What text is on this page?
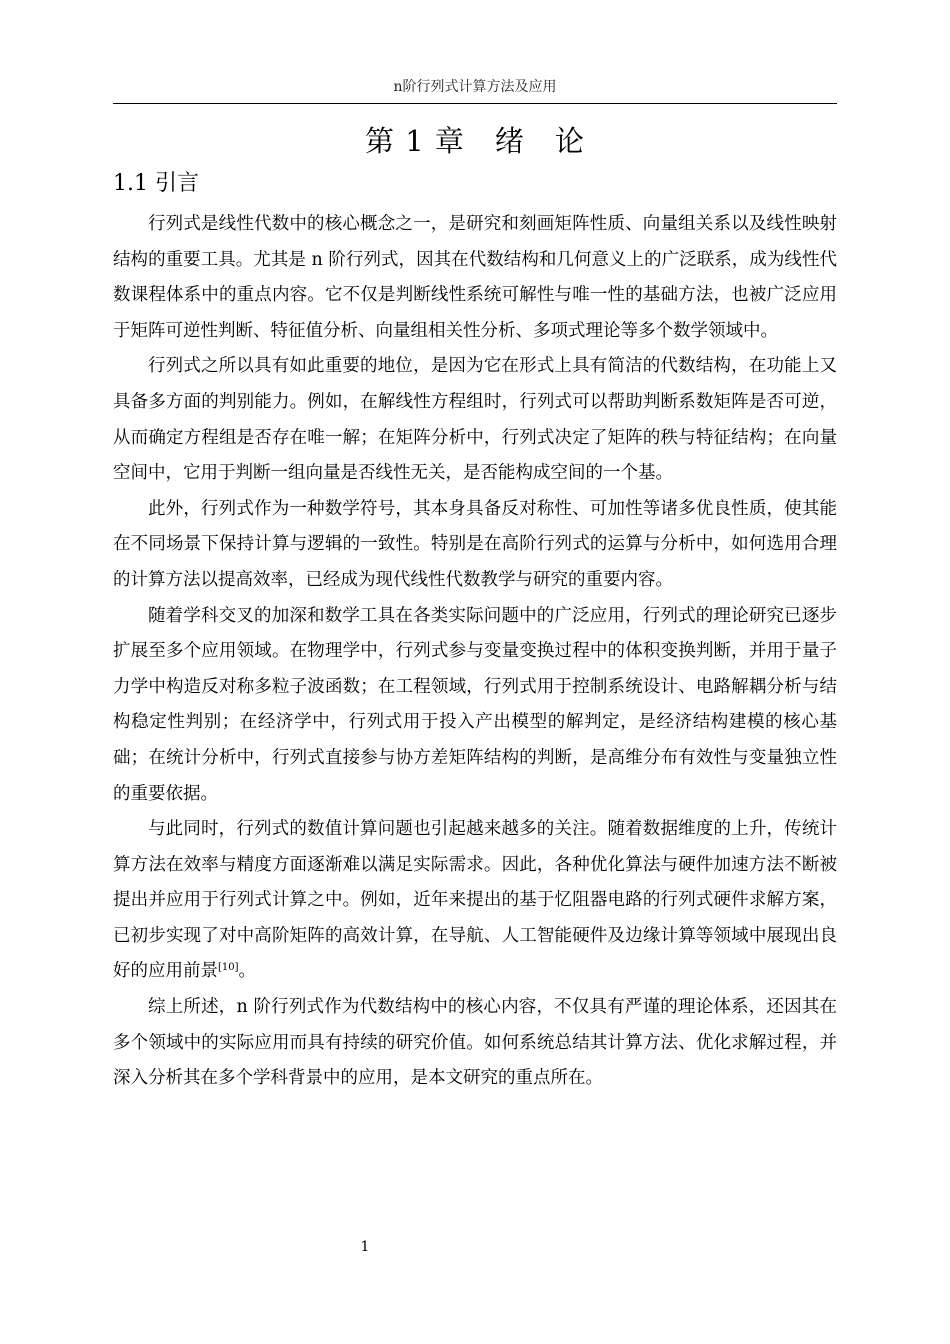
n阶行列式计算方法及应用
第 1 章　绪　论
1.1 引言

行列式是线性代数中的核心概念之一，是研究和刻画矩阵性质、向量组关系以及线性映射结构的重要工具。尤其是 n 阶行列式，因其在代数结构和几何意义上的广泛联系，成为线性代数课程体系中的重点内容。它不仅是判断线性系统可解性与唯一性的基础方法，也被广泛应用于矩阵可逆性判断、特征值分析、向量组相关性分析、多项式理论等多个数学领域中。

行列式之所以具有如此重要的地位，是因为它在形式上具有简洁的代数结构，在功能上又具备多方面的判别能力。例如，在解线性方程组时，行列式可以帮助判断系数矩阵是否可逆，从而确定方程组是否存在唯一解；在矩阵分析中，行列式决定了矩阵的秩与特征结构；在向量空间中，它用于判断一组向量是否线性无关，是否能构成空间的一个基。

此外，行列式作为一种数学符号，其本身具备反对称性、可加性等诸多优良性质，使其能在不同场景下保持计算与逻辑的一致性。特别是在高阶行列式的运算与分析中，如何选用合理的计算方法以提高效率，已经成为现代线性代数教学与研究的重要内容。

随着学科交叉的加深和数学工具在各类实际问题中的广泛应用，行列式的理论研究已逐步扩展至多个应用领域。在物理学中，行列式参与变量变换过程中的体积变换判断，并用于量子力学中构造反对称多粒子波函数；在工程领域，行列式用于控制系统设计、电路解耦分析与结构稳定性判别；在经济学中，行列式用于投入产出模型的解判定，是经济结构建模的核心基础；在统计分析中，行列式直接参与协方差矩阵结构的判断，是高维分布有效性与变量独立性的重要依据。

与此同时，行列式的数值计算问题也引起越来越多的关注。随着数据维度的上升，传统计算方法在效率与精度方面逐渐难以满足实际需求。因此，各种优化算法与硬件加速方法不断被提出并应用于行列式计算之中。例如，近年来提出的基于忆阻器电路的行列式硬件求解方案，已初步实现了对中高阶矩阵的高效计算，在导航、人工智能硬件及边缘计算等领域中展现出良好的应用前景[10]。

综上所述，n 阶行列式作为代数结构中的核心内容，不仅具有严谨的理论体系，还因其在多个领域中的实际应用而具有持续的研究价值。如何系统总结其计算方法、优化求解过程，并深入分析其在多个学科背景中的应用，是本文研究的重点所在。

1
